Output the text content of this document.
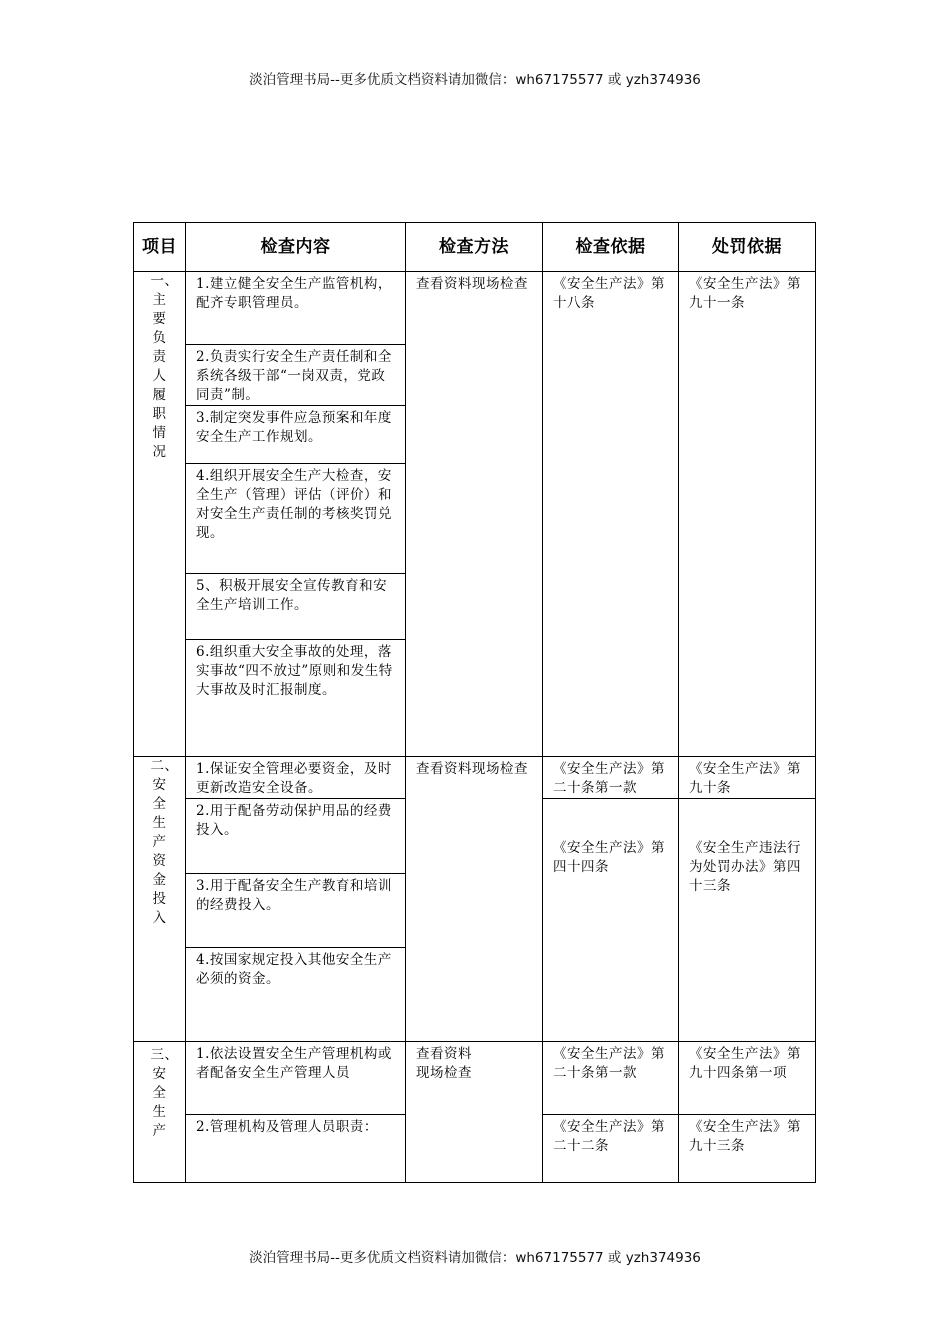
淡泊管理书局--更多优质文档资料请加微信：wh67175577 或 yzh374936
项目	检查内容	检查方法	检查依据	处罚依据

一、主要负责人履职情况	1.建立健全安全生产监管机构，配齐专职管理员。	查看资料现场检查	《安全生产法》第十八条	《安全生产法》第九十一条

	2.负责实行安全生产责任制和全系统各级干部“一岗双责，党政同责”制。			

	3.制定突发事件应急预案和年度安全生产工作规划。			

	4.组织开展安全生产大检查，安全生产（管理）评估（评价）和对安全生产责任制的考核奖罚兑现。			

	5、积极开展安全宣传教育和安全生产培训工作。			

	6.组织重大安全事故的处理，落实事故“四不放过”原则和发生特大事故及时汇报制度。			

二、安全生产资金投入	1.保证安全管理必要资金，及时更新改造安全设备。	查看资料现场检查	《安全生产法》第二十条第一款	《安全生产法》第九十条

	2.用于配备劳动保护用品的经费投入。		《安全生产法》第四十四条	《安全生产违法行为处罚办法》第四十三条

	3.用于配备安全生产教育和培训的经费投入。			

	4.按国家规定投入其他安全生产必须的资金。			

三、安全生产	1.依法设置安全生产管理机构或者配备安全生产管理人员	查看资料现场检查	《安全生产法》第二十条第一款	《安全生产法》第九十四条第一项

	2.管理机构及管理人员职责：		《安全生产法》第二十二条	《安全生产法》第九十三条
淡泊管理书局--更多优质文档资料请加微信：wh67175577 或 yzh374936
